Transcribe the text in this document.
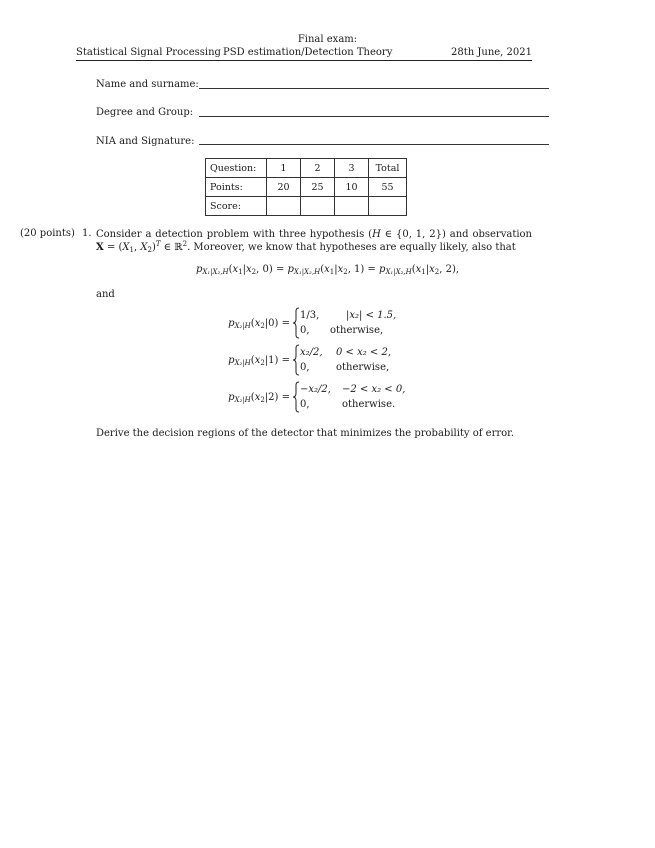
Final exam:
Statistical Signal Processing PSD estimation/Detection Theory	28th June, 2021
Name and surname:
Degree and Group:
NIA and Signature:
Question:	1	2	3	Total
Points:	20	25	10	55
Score:				
(20 points) 1. Consider a detection problem with three hypothesis (H ∈ {0, 1, 2}) and observation $X = (X_1$, $X_2)^T$ ∈ ℝ$^2$. Moreover, we know that hypotheses are equally likely, also that
$p_{X_1|X_2,H}(x_1|x_2$, $0) = p_{X_1|X_2,H}(x_1|x_2$, $1) = p_{X_1|X_2,H}(x_1|x_2$, 2),
and
$p_{X_2|H}(x_2|0)$ =
1/3,	|x₂| < 1.5,
0, otherwise,
$p_{X_2|H}(x_2|1)$ =
x₂/2, 0 < x₂ < 2,
0,	otherwise,
$p_{X_2|H}(x_2|2)$ =
−x₂/2, −2 < x₂ < 0,
0,	otherwise.
Derive the decision regions of the detector that minimizes the probability of error.
